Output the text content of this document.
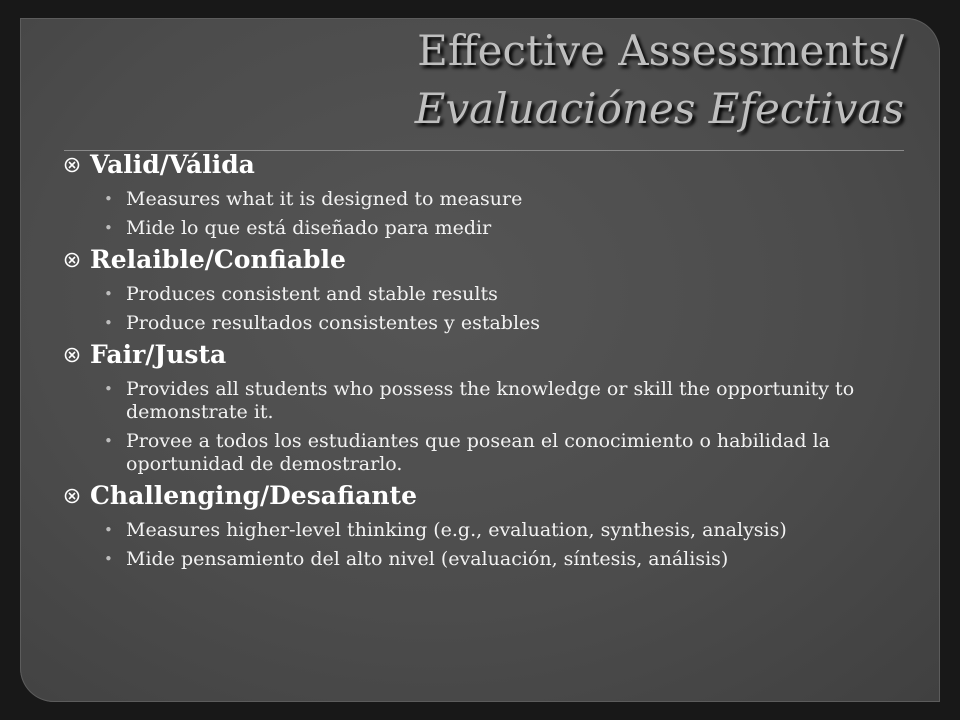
Effective Assessments/
Evaluaciónes Efectivas
Valid/Válida
• Measures what it is designed to measure
• Mide lo que está diseñado para medir
Relaible/Confiable
• Produces consistent and stable results
• Produce resultados consistentes y estables
Fair/Justa
• Provides all students who possess the knowledge or skill the opportunity to demonstrate it.
• Provee a todos los estudiantes que posean el conocimiento o habilidad la oportunidad de demostrarlo.
Challenging/Desafiante
• Measures higher-level thinking (e.g., evaluation, synthesis, analysis)
• Mide pensamiento del alto nivel (evaluación, síntesis, análisis)
